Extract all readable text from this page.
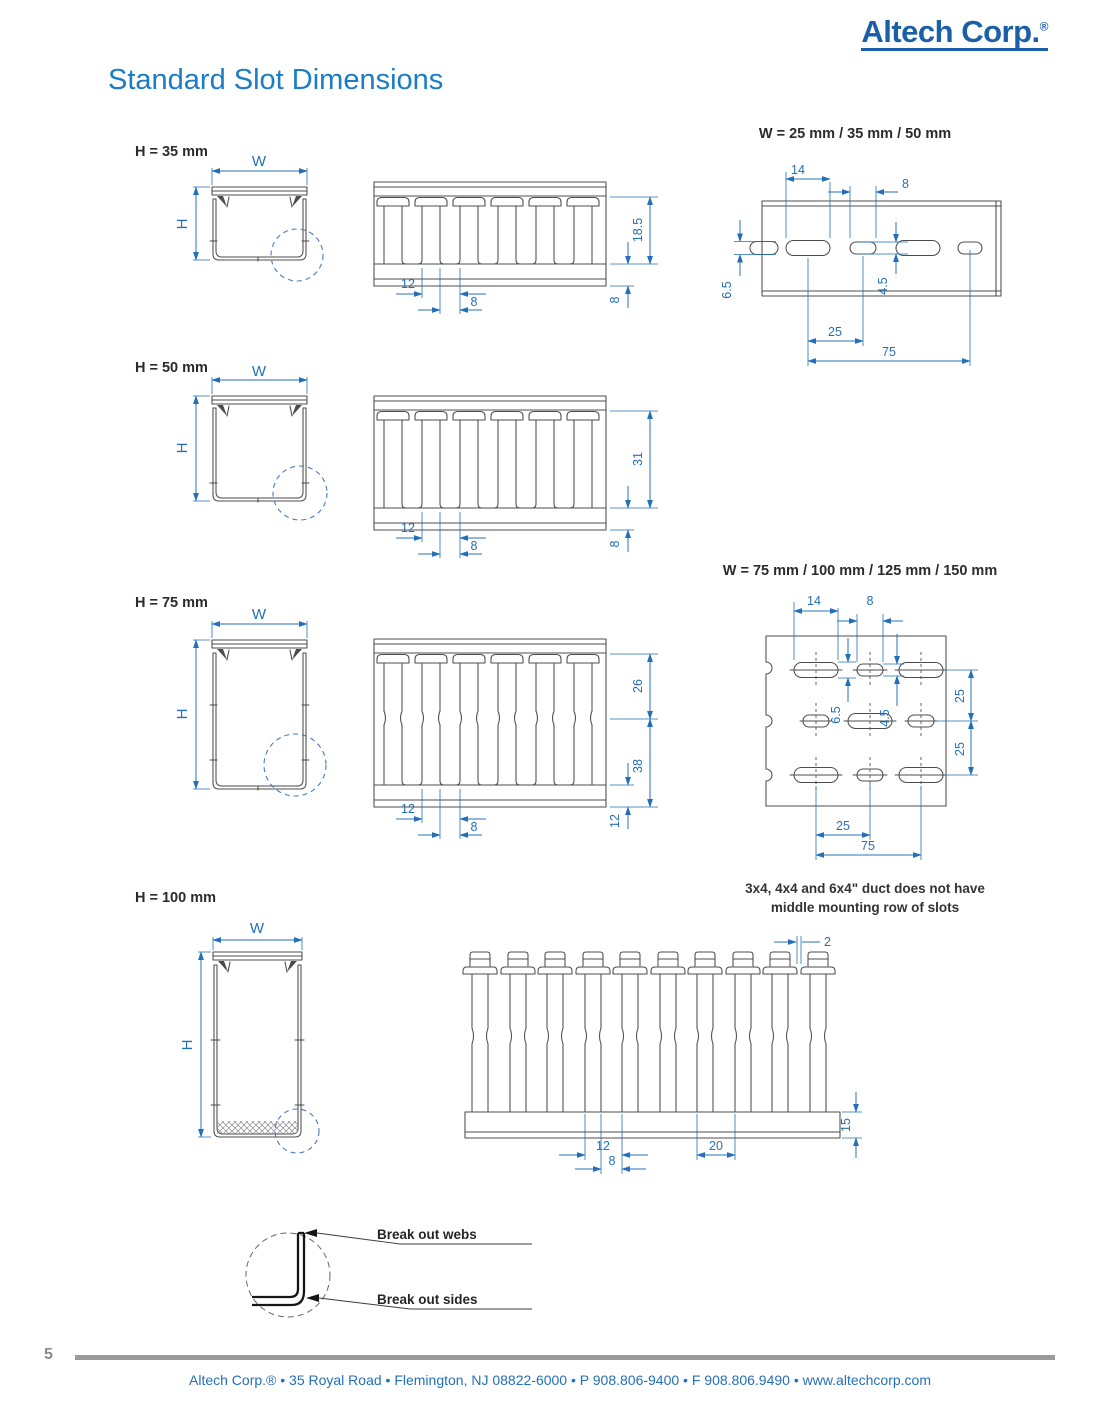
Altech Corp.®
Standard Slot Dimensions
H = 35 mm
W
H	18.5
8
12
8
W = 25 mm / 35 mm / 50 mm
14
8
6.5	4.5
25
75
H = 50 mm	W
H
31
8
12
8
W = 75 mm / 100 mm / 125 mm / 150 mm
14	8
6.5	4.5
25
25
25
75
3x4, 4x4 and 6x4" duct does not have
middle mounting row of slots
H = 75 mm
W
H
26
38
12
12
8
H = 100 mm
W
H
2
15
12
8
20
Break out webs
Break out sides
5
Altech Corp.® • 35 Royal Road • Flemington, NJ 08822-6000 • P 908.806-9400 • F 908.806.9490 • www.altechcorp.com
